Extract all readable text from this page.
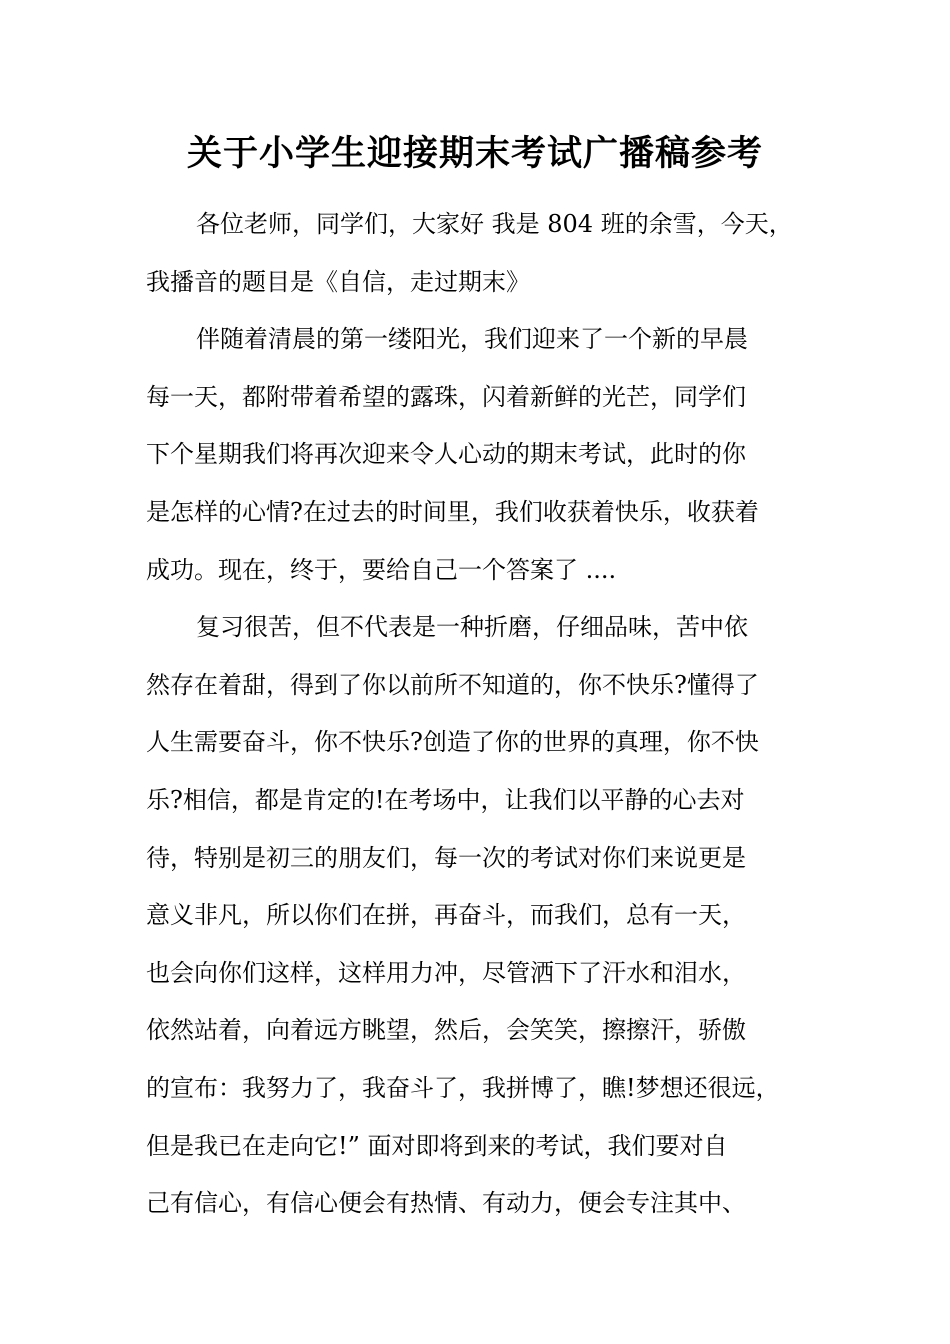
关于小学生迎接期末考试广播稿参考
各位老师，同学们，大家好 我是 804 班的余雪，今天，
我播音的题目是《自信，走过期末》
伴随着清晨的第一缕阳光，我们迎来了一个新的早晨
每一天，都附带着希望的露珠，闪着新鲜的光芒，同学们
下个星期我们将再次迎来令人心动的期末考试，此时的你
是怎样的心情?在过去的时间里，我们收获着快乐，收获着
成功。现在，终于，要给自己一个答案了 ....
复习很苦，但不代表是一种折磨，仔细品味，苦中依
然存在着甜，得到了你以前所不知道的，你不快乐?懂得了
人生需要奋斗，你不快乐?创造了你的世界的真理，你不快
乐?相信，都是肯定的!在考场中，让我们以平静的心去对
待，特别是初三的朋友们，每一次的考试对你们来说更是
意义非凡，所以你们在拼，再奋斗，而我们，总有一天，
也会向你们这样，这样用力冲，尽管洒下了汗水和泪水，
依然站着，向着远方眺望，然后，会笑笑，擦擦汗，骄傲
的宣布：我努力了，我奋斗了，我拼博了，瞧!梦想还很远，
但是我已在走向它!” 面对即将到来的考试，我们要对自
己有信心，有信心便会有热情、有动力，便会专注其中、
